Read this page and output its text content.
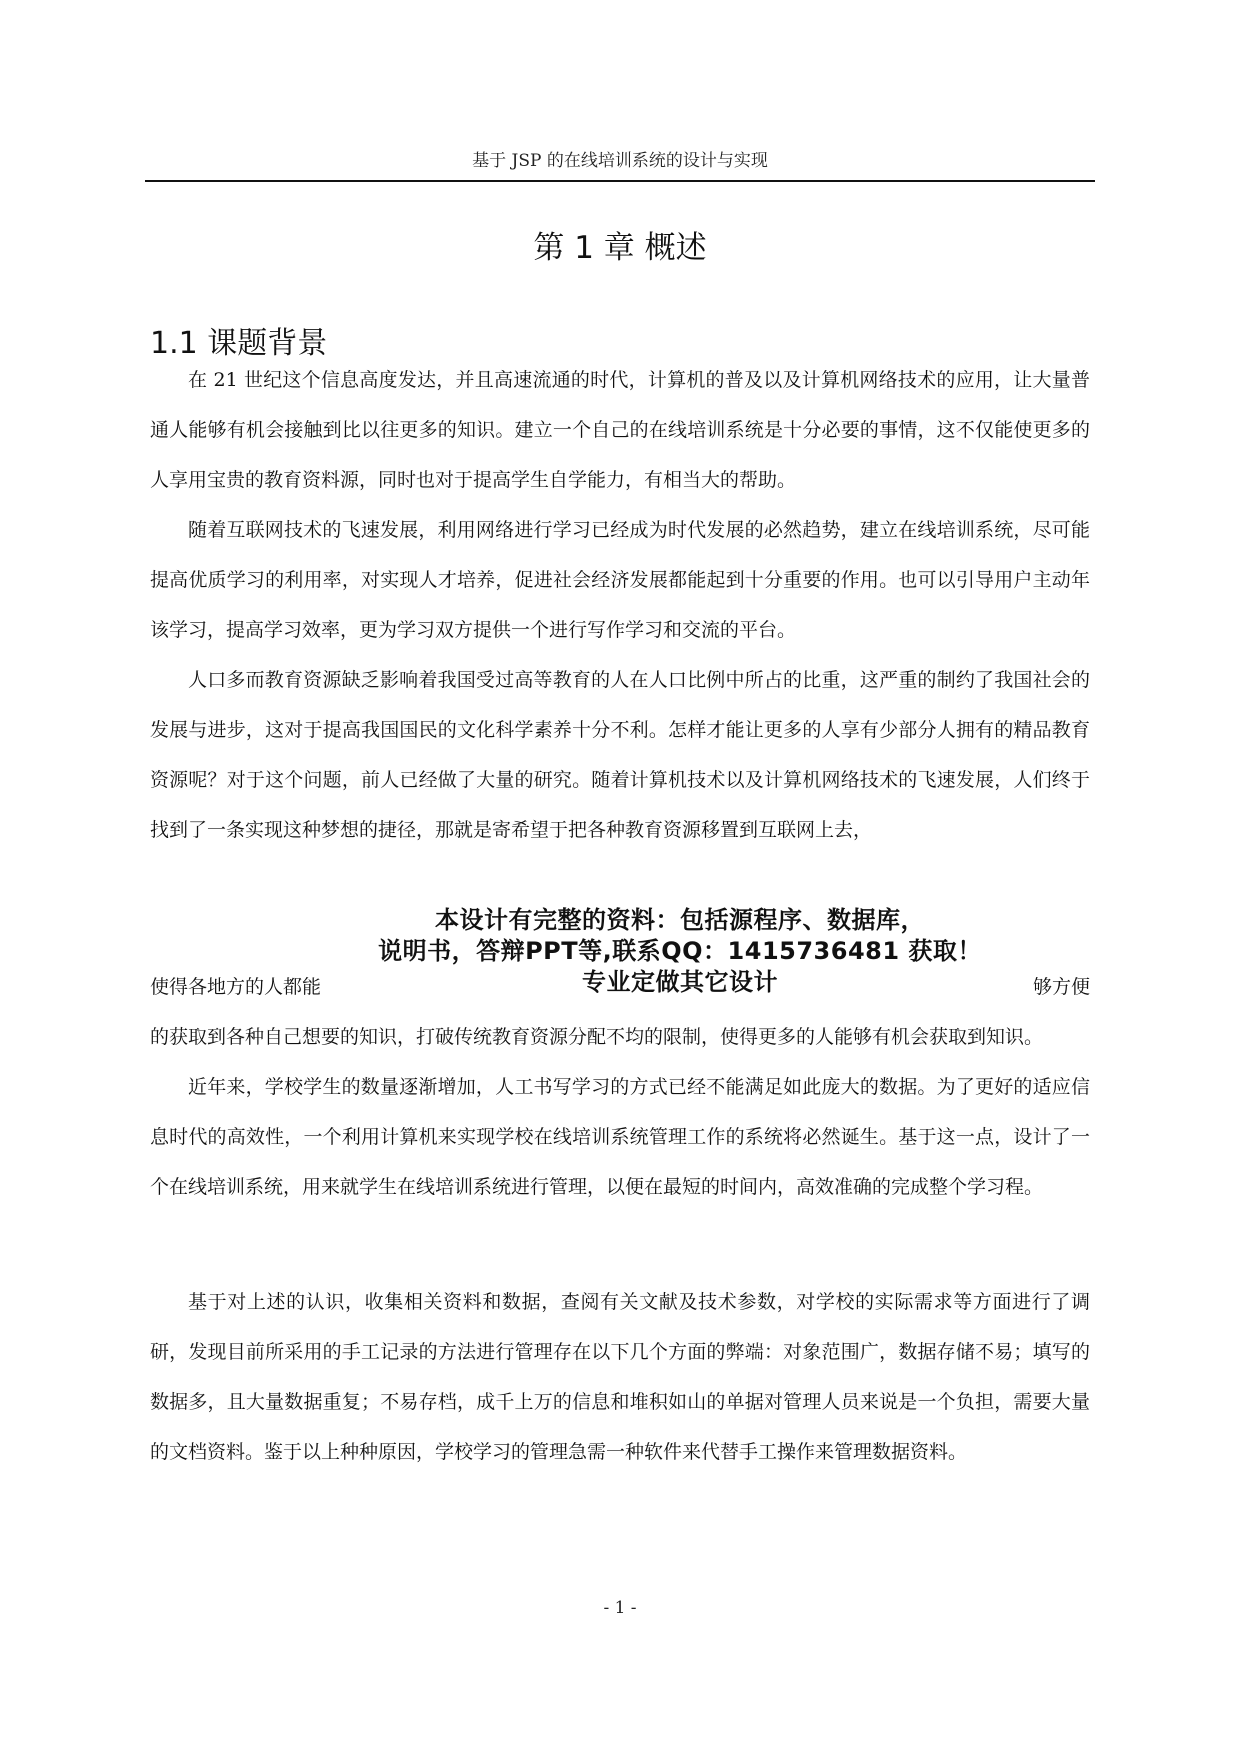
基于 JSP 的在线培训系统的设计与实现
第 1 章 概述
1.1 课题背景

在 21 世纪这个信息高度发达，并且高速流通的时代，计算机的普及以及计算机网络技术的应用，让大量普通人能够有机会接触到比以往更多的知识。建立一个自己的在线培训系统是十分必要的事情，这不仅能使更多的人享用宝贵的教育资料源，同时也对于提高学生自学能力，有相当大的帮助。

随着互联网技术的飞速发展，利用网络进行学习已经成为时代发展的必然趋势，建立在线培训系统，尽可能提高优质学习的利用率，对实现人才培养，促进社会经济发展都能起到十分重要的作用。也可以引导用户主动年该学习，提高学习效率，更为学习双方提供一个进行写作学习和交流的平台。

人口多而教育资源缺乏影响着我国受过高等教育的人在人口比例中所占的比重，这严重的制约了我国社会的发展与进步，这对于提高我国国民的文化科学素养十分不利。怎样才能让更多的人享有少部分人拥有的精品教育资源呢？对于这个问题，前人已经做了大量的研究。随着计算机技术以及计算机网络技术的飞速发展，人们终于找到了一条实现这种梦想的捷径，那就是寄希望于把各种教育资源移置到互联网上去，

使得各地方的人都能	够方便

的获取到各种自己想要的知识，打破传统教育资源分配不均的限制，使得更多的人能够有机会获取到知识。

近年来，学校学生的数量逐渐增加，人工书写学习的方式已经不能满足如此庞大的数据。为了更好的适应信息时代的高效性，一个利用计算机来实现学校在线培训系统管理工作的系统将必然诞生。基于这一点，设计了一个在线培训系统，用来就学生在线培训系统进行管理，以便在最短的时间内，高效准确的完成整个学习程。

基于对上述的认识，收集相关资料和数据，查阅有关文献及技术参数，对学校的实际需求等方面进行了调研，发现目前所采用的手工记录的方法进行管理存在以下几个方面的弊端：对象范围广，数据存储不易；填写的数据多，且大量数据重复；不易存档，成千上万的信息和堆积如山的单据对管理人员来说是一个负担，需要大量的文档资料。鉴于以上种种原因，学校学习的管理急需一种软件来代替手工操作来管理数据资料。

本设计有完整的资料：包括源程序、数据库，
说明书，答辩PPT等,联系QQ：1415736481 获取！
专业定做其它设计
- 1 -
